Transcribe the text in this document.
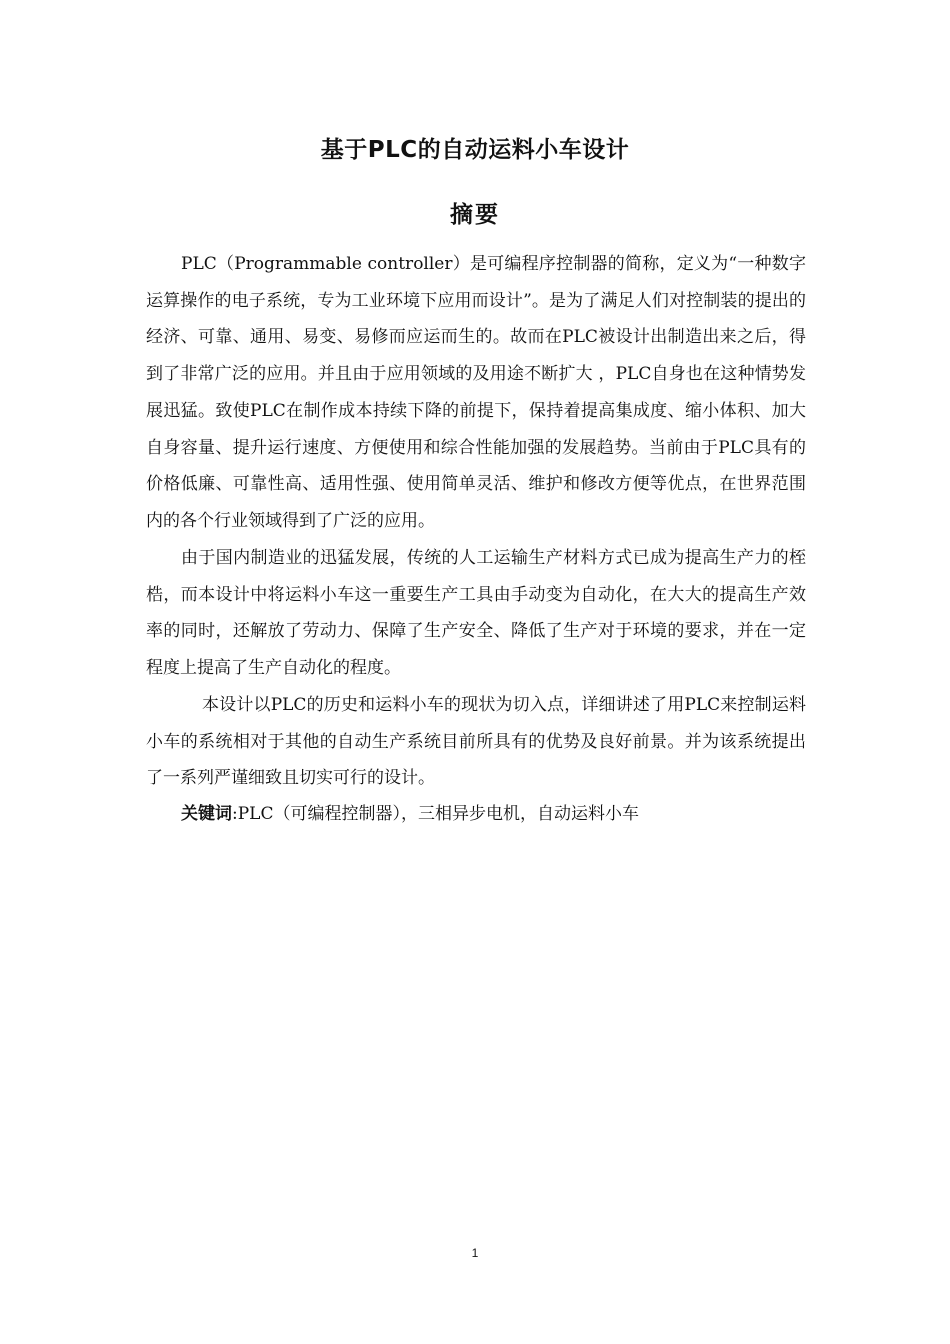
基于PLC的自动运料小车设计
摘要

PLC（Programmable controller）是可编程序控制器的简称，定义为“一种数字运算操作的电子系统，专为工业环境下应用而设计”。是为了满足人们对控制装的提出的经济、可靠、通用、易变、易修而应运而生的。故而在PLC被设计出制造出来之后，得到了非常广泛的应用。并且由于应用领域的及用途不断扩大 ，PLC自身也在这种情势发展迅猛。致使PLC在制作成本持续下降的前提下，保持着提高集成度、缩小体积、加大自身容量、提升运行速度、方便使用和综合性能加强的发展趋势。当前由于PLC具有的价格低廉、可靠性高、适用性强、使用简单灵活、维护和修改方便等优点，在世界范围内的各个行业领域得到了广泛的应用。

由于国内制造业的迅猛发展，传统的人工运输生产材料方式已成为提高生产力的桎梏，而本设计中将运料小车这一重要生产工具由手动变为自动化，在大大的提高生产效率的同时，还解放了劳动力、保障了生产安全、降低了生产对于环境的要求，并在一定程度上提高了生产自动化的程度。

本设计以PLC的历史和运料小车的现状为切入点，详细讲述了用PLC来控制运料小车的系统相对于其他的自动生产系统目前所具有的优势及良好前景。并为该系统提出了一系列严谨细致且切实可行的设计。

关键词:PLC（可编程控制器），三相异步电机，自动运料小车

1
